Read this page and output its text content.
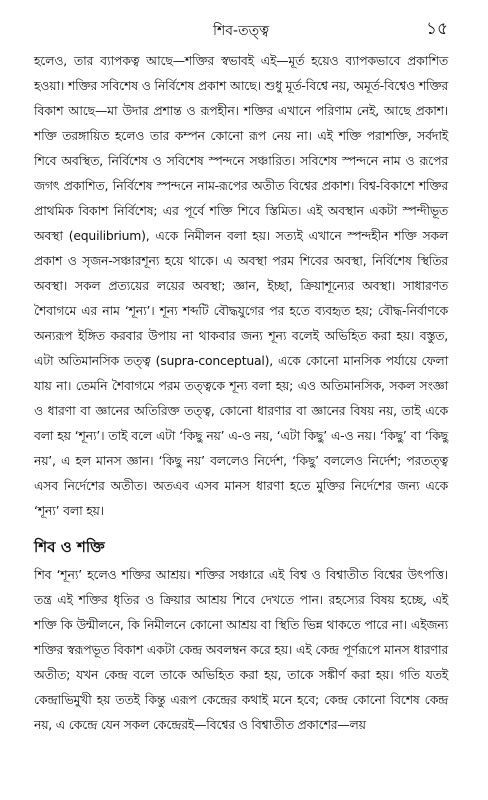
শিব-তত্ত্ব	১৫

হলেও, তার ব্যাপকত্ব আছে—শক্তির স্বভাবই এই—মূর্ত হয়েও ব্যাপকভাবে প্রকাশিত হওয়া। শক্তির সবিশেষ ও নির্বিশেষ প্রকাশ আছে। শুধু মূর্ত-বিশ্বে নয়, অমূর্ত-বিশ্বেও শক্তির বিকাশ আছে—মা উদার প্রশান্ত ও রূপহীন। শক্তির এখানে পরিণাম নেই, আছে প্রকাশ। শক্তি তরঙ্গায়িত হলেও তার কম্পন কোনো রূপ নেয় না। এই শক্তি পরাশক্তি, সর্বদাই শিবে অবস্থিত, নির্বিশেষ ও সবিশেষ স্পন্দনে সঞ্চারিত। সবিশেষ স্পন্দনে নাম ও রূপের জগৎ প্রকাশিত, নির্বিশেষ স্পন্দনে নাম-রূপের অতীত বিশ্বের প্রকাশ। বিশ্ব-বিকাশে শক্তির প্রাথমিক বিকাশ নির্বিশেষ; এর পূর্বে শক্তি শিবে স্তিমিত। এই অবস্থান একটা স্পন্দীভূত অবস্থা (equilibrium), একে নিমীলন বলা হয়। সত্যই এখানে স্পন্দহীন শক্তি সকল প্রকাশ ও সৃজন-সঞ্চারশূন্য হয়ে থাকে। এ অবস্থা পরম শিবের অবস্থা, নির্বিশেষ স্থিতির অবস্থা। সকল প্রত্যয়ের লয়ের অবস্থা; জ্ঞান, ইচ্ছা, ক্রিয়াশূন্যের অবস্থা। সাধারণত শৈবাগমে এর নাম ‘শূন্য’। শূন্য শব্দটি বৌদ্ধযুগের পর হতে ব্যবহৃত হয়; বৌদ্ধ-নির্বাণকে অন্যরূপ ইঙ্গিত করবার উপায় না থাকবার জন্য শূন্য বলেই অভিহিত করা হয়। বস্তুত, এটা অতিমানসিক তত্ত্ব (supra-conceptual), একে কোনো মানসিক পর্যায়ে ফেলা যায় না। তেমনি শৈবাগমে পরম তত্ত্বকে শূন্য বলা হয়; এও অতিমানসিক, সকল সংজ্ঞা ও ধারণা বা জ্ঞানের অতিরিক্ত তত্ত্ব, কোনো ধারণার বা জ্ঞানের বিষয় নয়, তাই একে বলা হয় ‘শূন্য’। তাই বলে এটা ‘কিছু নয়’ এ-ও নয়, ‘এটা কিছু’ এ-ও নয়। ‘কিছু’ বা ‘কিছু নয়’, এ হল মানস জ্ঞান। ‘কিছু নয়’ বললেও নির্দেশ, ‘কিছু’ বললেও নির্দেশ; পরতত্ত্ব এসব নির্দেশের অতীত। অতএব এসব মানস ধারণা হতে মুক্তির নির্দেশের জন্য একে ‘শূন্য’ বলা হয়।

শিব ও শক্তি

শিব ‘শূন্য’ হলেও শক্তির আশ্রয়। শক্তির সঞ্চারে এই বিশ্ব ও বিশ্বাতীত বিশ্বের উৎপত্তি। তন্ত্র এই শক্তির ধৃতির ও ক্রিয়ার আশ্রয় শিবে দেখতে পান। রহস্যের বিষয় হচ্ছে, এই শক্তি কি উন্মীলনে, কি নিমীলনে কোনো আশ্রয় বা স্থিতি ভিন্ন থাকতে পারে না। এইজন্য শক্তির স্বরূপভূত বিকাশ একটা কেন্দ্র অবলম্বন করে হয়। এই কেন্দ্র পূর্ণরূপে মানস ধারণার অতীত; যখন কেন্দ্র বলে তাকে অভিহিত করা হয়, তাকে সঙ্কীর্ণ করা হয়। গতি যতই কেন্দ্রাভিমুখী হয় ততই কিন্তু এরূপ কেন্দ্রের কথাই মনে হবে; কেন্দ্র কোনো বিশেষ কেন্দ্র নয়, এ কেন্দ্রে যেন সকল কেন্দ্রেরই—বিশ্বের ও বিশ্বাতীত প্রকাশের—লয়
